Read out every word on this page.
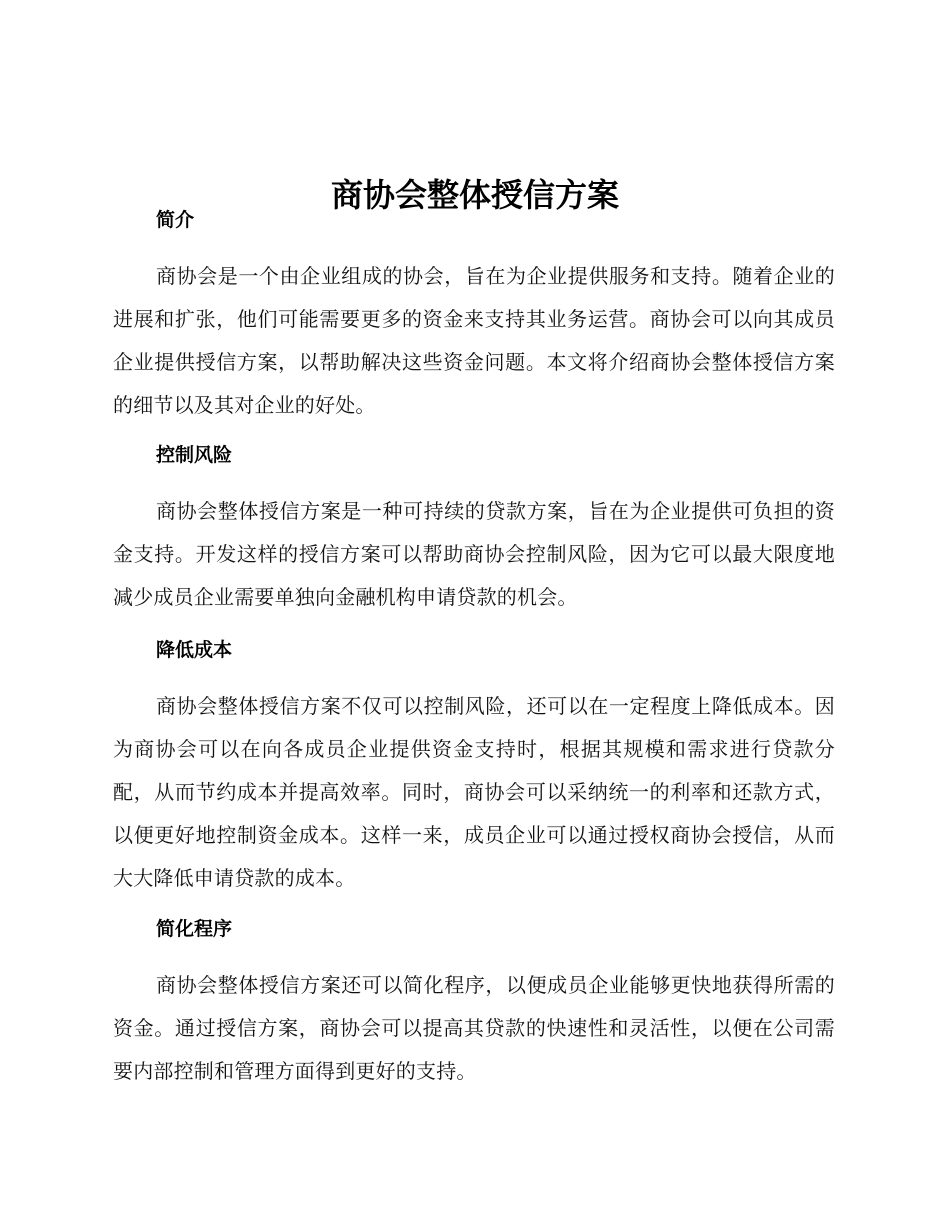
商协会整体授信方案
简介

商协会是一个由企业组成的协会，旨在为企业提供服务和支持。随着企业的进展和扩张，他们可能需要更多的资金来支持其业务运营。商协会可以向其成员企业提供授信方案，以帮助解决这些资金问题。本文将介绍商协会整体授信方案的细节以及其对企业的好处。

控制风险

商协会整体授信方案是一种可持续的贷款方案，旨在为企业提供可负担的资金支持。开发这样的授信方案可以帮助商协会控制风险，因为它可以最大限度地减少成员企业需要单独向金融机构申请贷款的机会。

降低成本

商协会整体授信方案不仅可以控制风险，还可以在一定程度上降低成本。因为商协会可以在向各成员企业提供资金支持时，根据其规模和需求进行贷款分配，从而节约成本并提高效率。同时，商协会可以采纳统一的利率和还款方式，以便更好地控制资金成本。这样一来，成员企业可以通过授权商协会授信，从而大大降低申请贷款的成本。

简化程序

商协会整体授信方案还可以简化程序，以便成员企业能够更快地获得所需的资金。通过授信方案，商协会可以提高其贷款的快速性和灵活性，以便在公司需要内部控制和管理方面得到更好的支持。
